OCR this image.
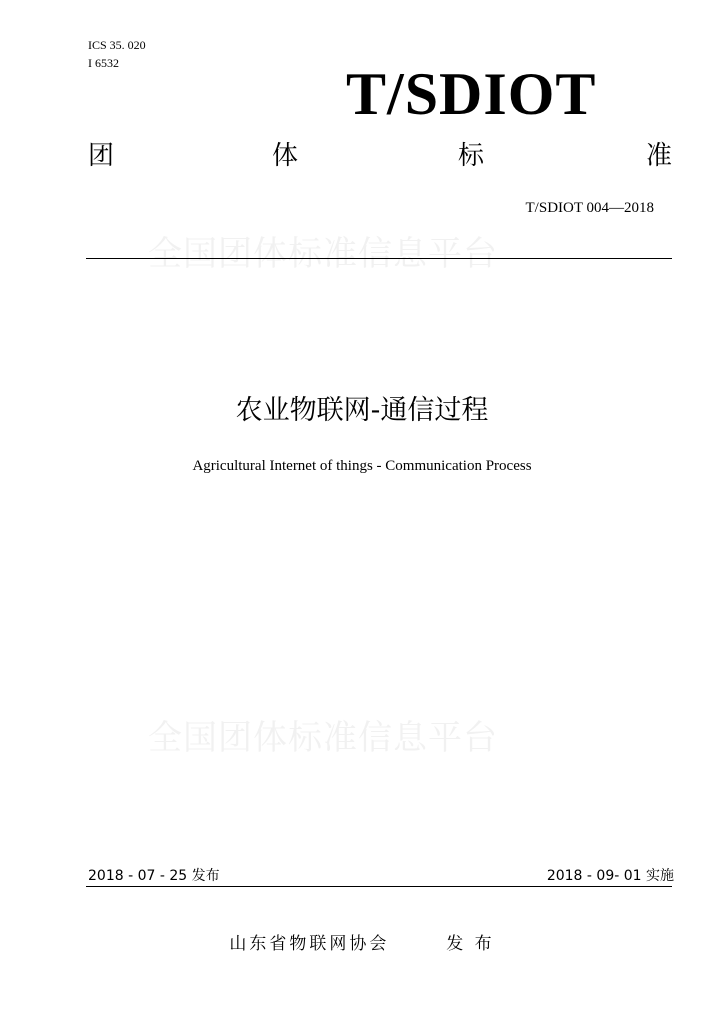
ICS 35. 020
I 6532	T/SDIOT
团	体	标	准
T/SDIOT 004—2018
全国团体标准信息平台
农业物联网-通信过程
Agricultural Internet of things - Communication Process
全国团体标准信息平台
2018 - 07 - 25 发布	2018 - 09- 01 实施
山东省物联网协会	发 布
